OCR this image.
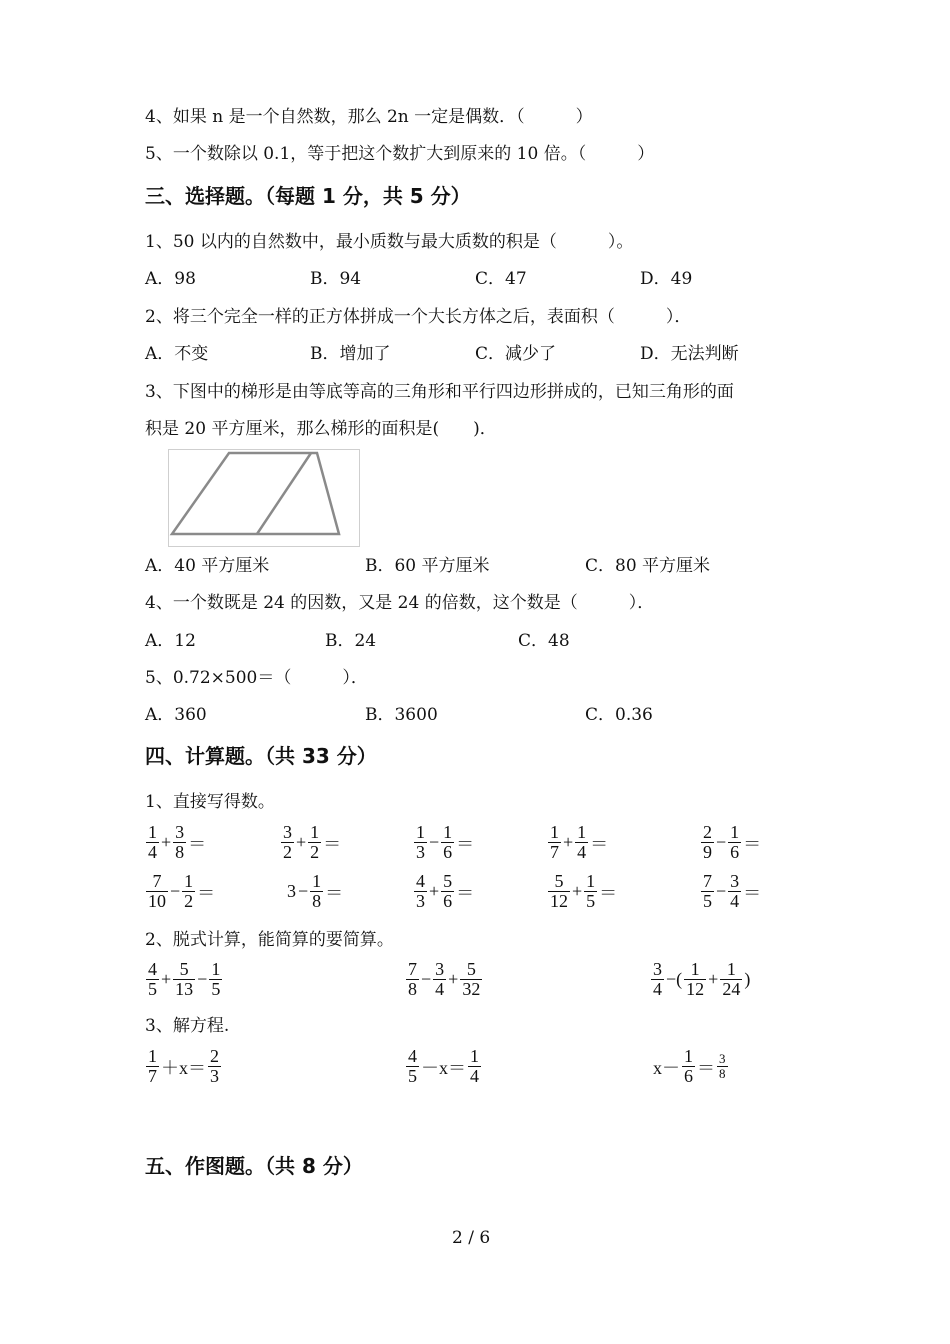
4、如果 n 是一个自然数，那么 2n 一定是偶数．（　　　）
5、一个数除以 0.1，等于把这个数扩大到原来的 10 倍。（　　　）
三、选择题。（每题 1 分，共 5 分）
1、50 以内的自然数中，最小质数与最大质数的积是（　　　）。
A．98	B．94	C．47	D．49
2、将三个完全一样的正方体拼成一个大长方体之后，表面积（　　　）．
A．不变	B．增加了	C．减少了	D．无法判断
3、下图中的梯形是由等底等高的三角形和平行四边形拼成的，已知三角形的面
积是 20 平方厘米，那么梯形的面积是(　　)．
A．40 平方厘米	B．60 平方厘米	C．80 平方厘米
4、一个数既是 24 的因数，又是 24 的倍数，这个数是（　　　）．
A．12	B．24	C．48
5、0.72×500＝（　　　）．
A．360	B．3600	C．0.36
四、计算题。（共 33 分）
1、直接写得数。
2、脱式计算，能简算的要简算。
3、解方程.
五、作图题。（共 8 分）
2 / 6
$\frac{1}{4} + \frac{3}{8}$ ＝	$\frac{3}{2} + \frac{1}{2}$ ＝	$\frac{1}{3} - \frac{1}{6}$ ＝	$\frac{1}{7} + \frac{1}{4}$ ＝	$\frac{2}{9} - \frac{1}{6}$ ＝
$\frac{7}{10} - \frac{1}{2}$ ＝	$3 - \frac{1}{8}$ ＝	$\frac{4}{3} + \frac{5}{6}$ ＝	$\frac{5}{12} + \frac{1}{5}$ ＝	$\frac{7}{5} - \frac{3}{4}$ ＝
$\frac{4}{5} + \frac{5}{13} - \frac{1}{5}$	$\frac{7}{8} - \frac{3}{4} + \frac{5}{32}$	$\frac{3}{4}$ −( $\frac{1}{12} + \frac{1}{24}$ )
$\frac{1}{7} +x= \frac{2}{3}$	$\frac{4}{5} -x= \frac{1}{4}$	$x- \frac{1}{6} = \frac{3}{8}$
